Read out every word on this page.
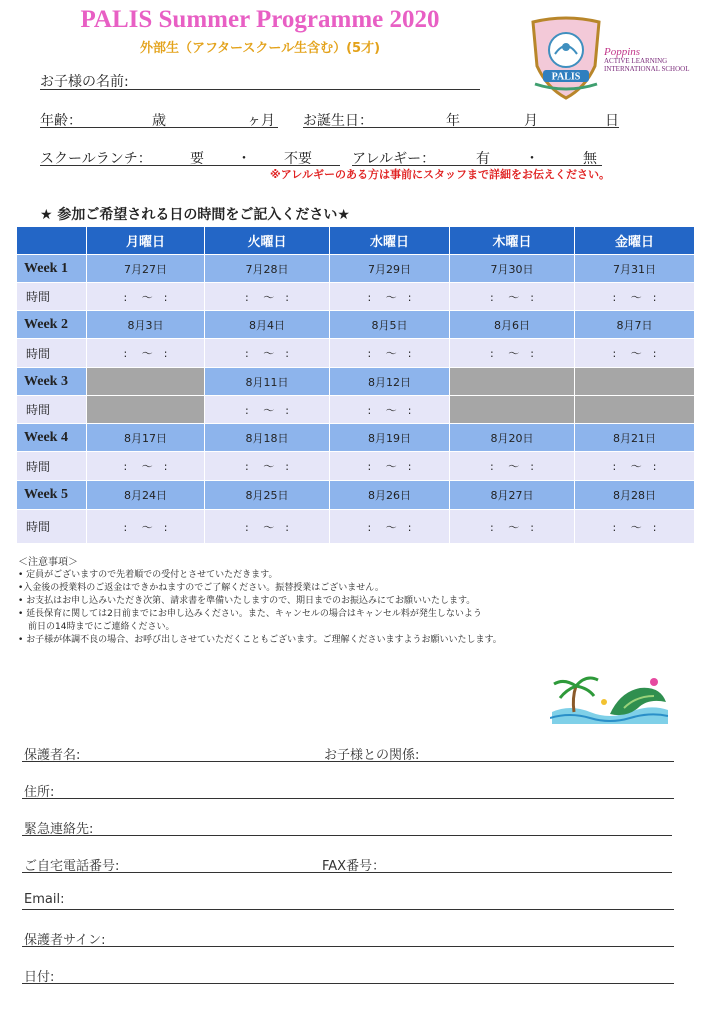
PALIS Summer Programme 2020
外部生（アフタースクール生含む）(5才)
PALIS
Poppins
ACTIVE LEARNING
INTERNATIONAL SCHOOL
お子様の名前:
年齢：	歳	ヶ月 お誕生日：	年	月	日
スクールランチ：	要 ・ 不要	アレルギー：	有	・	無
※アレルギーのある方は事前にスタッフまで詳細をお伝えください。
★ 参加ご希望される日の時間をご記入ください★
	月曜日	火曜日	水曜日	木曜日	金曜日
Week 1	7月27日	7月28日	7月29日	7月30日	7月31日
時間	:　 〜　:	:　 〜　:	:　 〜　:	:　 〜　:	:　 〜　:
Week 2	8月3日	8月4日	8月5日	8月6日	8月7日
時間	:　 〜　:	:　 〜　:	:　 〜　:	:　 〜　:	:　 〜　:
Week 3		8月11日	8月12日		
時間		:　 〜　:	:　 〜　:		
Week 4	8月17日	8月18日	8月19日	8月20日	8月21日
時間	:　 〜　:	:　 〜　:	:　 〜　:	:　 〜　:	:　 〜　:
Week 5	8月24日	8月25日	8月26日	8月27日	8月28日
時間	:　 〜　:	:　 〜　:	:　 〜　:	:　 〜　:	:　 〜　:
＜注意事項＞
• 定員がございますので先着順での受付とさせていただきます。
•入金後の授業料のご返金はできかねますのでご了解ください。振替授業はございません。
• お支払はお申し込みいただき次第、請求書を準備いたしますので、期日までのお振込みにてお願いいたします。
• 延長保育に関しては2日前までにお申し込みください。また、キャンセルの場合はキャンセル料が発生しないよう
前日の14時までにご連絡ください。
• お子様が体調不良の場合、お呼び出しさせていただくこともございます。ご理解くださいますようお願いいたします。
保護者名:	お子様との関係:
住所:
緊急連絡先:
ご自宅電話番号:	FAX番号：
Email:
保護者サイン:
日付:
